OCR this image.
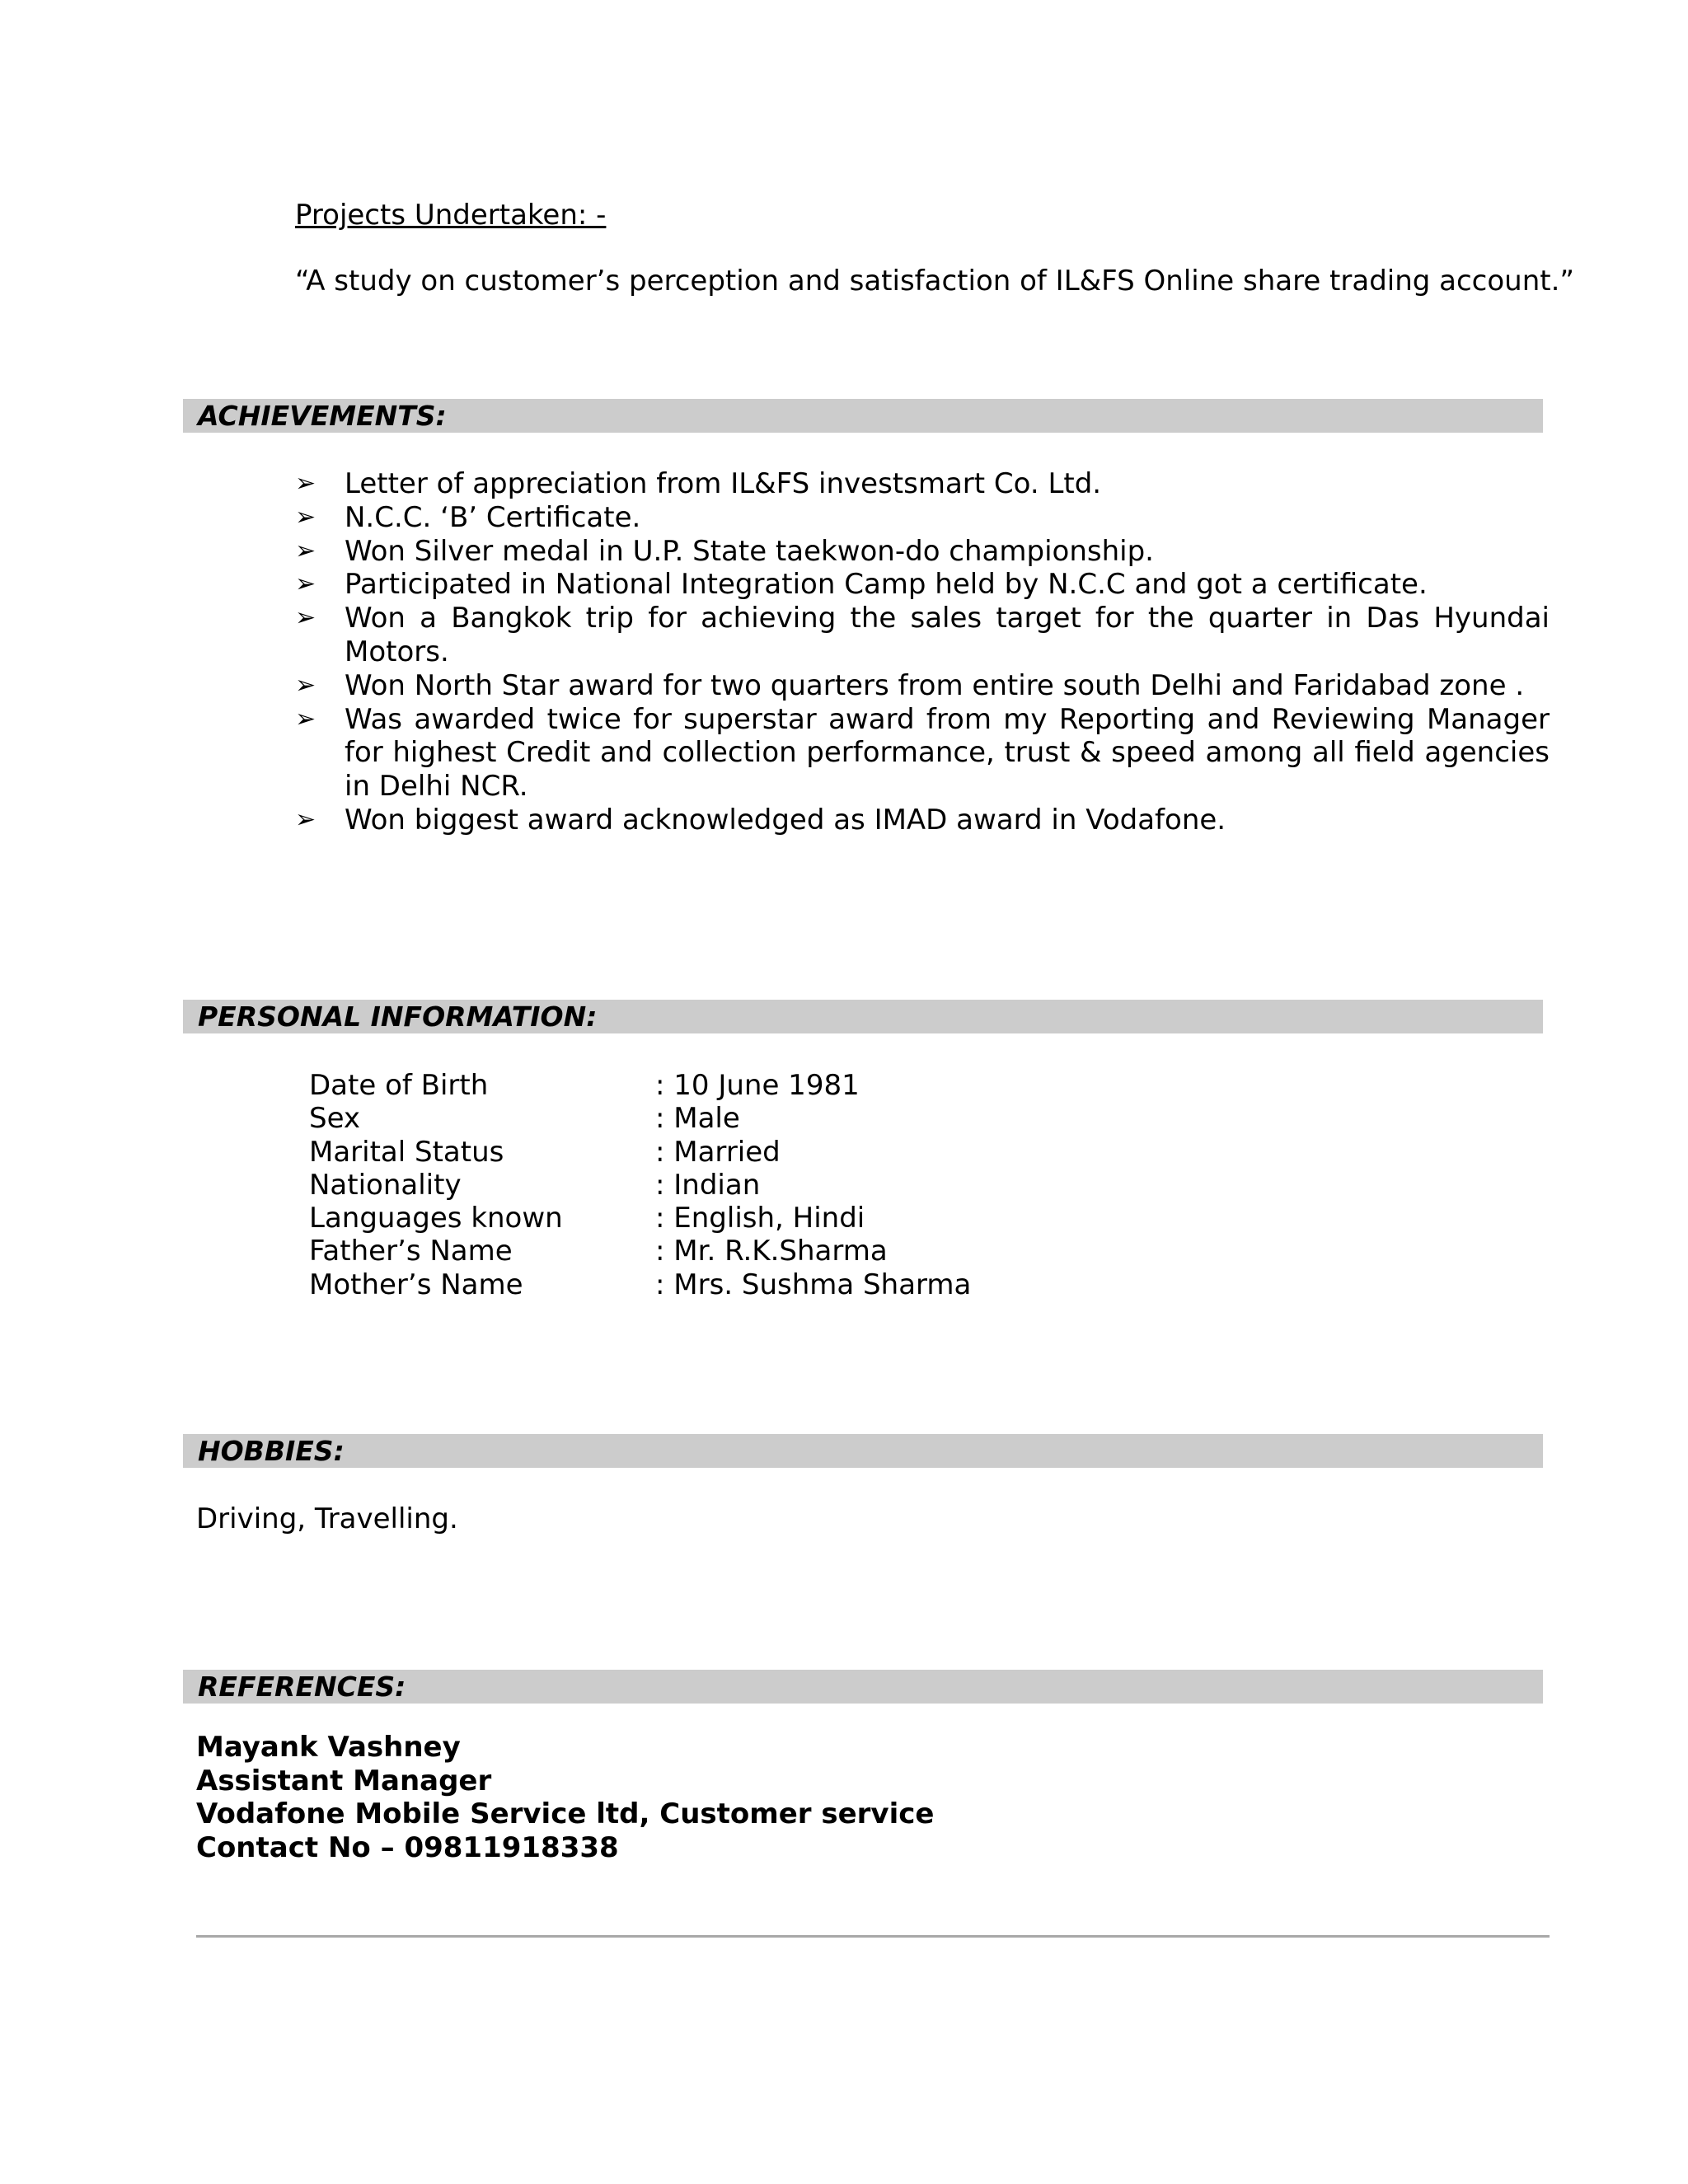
Projects Undertaken: -
“A study on customer’s perception and satisfaction of IL&FS Online share trading account.”
ACHIEVEMENTS:
➢ Letter of appreciation from IL&FS investsmart Co. Ltd.
➢ N.C.C. ‘B’ Certificate.
➢ Won Silver medal in U.P. State taekwon-do championship.
➢ Participated in National Integration Camp held by N.C.C and got a certificate.
➢ Won a Bangkok trip for achieving the sales target for the quarter in Das Hyundai Motors.
➢ Won North Star award for two quarters from entire south Delhi and Faridabad zone .
➢ Was awarded twice for superstar award from my Reporting and Reviewing Manager for highest Credit and collection performance, trust & speed among all field agencies in Delhi NCR.
➢ Won biggest award acknowledged as IMAD award in Vodafone.
PERSONAL INFORMATION:
Date of Birth	: 10 June 1981
Sex	: Male
Marital Status	: Married
Nationality	: Indian
Languages known	: English, Hindi
Father’s Name	: Mr. R.K.Sharma
Mother’s Name	: Mrs. Sushma Sharma
HOBBIES:
Driving, Travelling.
REFERENCES:
Mayank Vashney
Assistant Manager
Vodafone Mobile Service ltd, Customer service
Contact No – 09811918338
